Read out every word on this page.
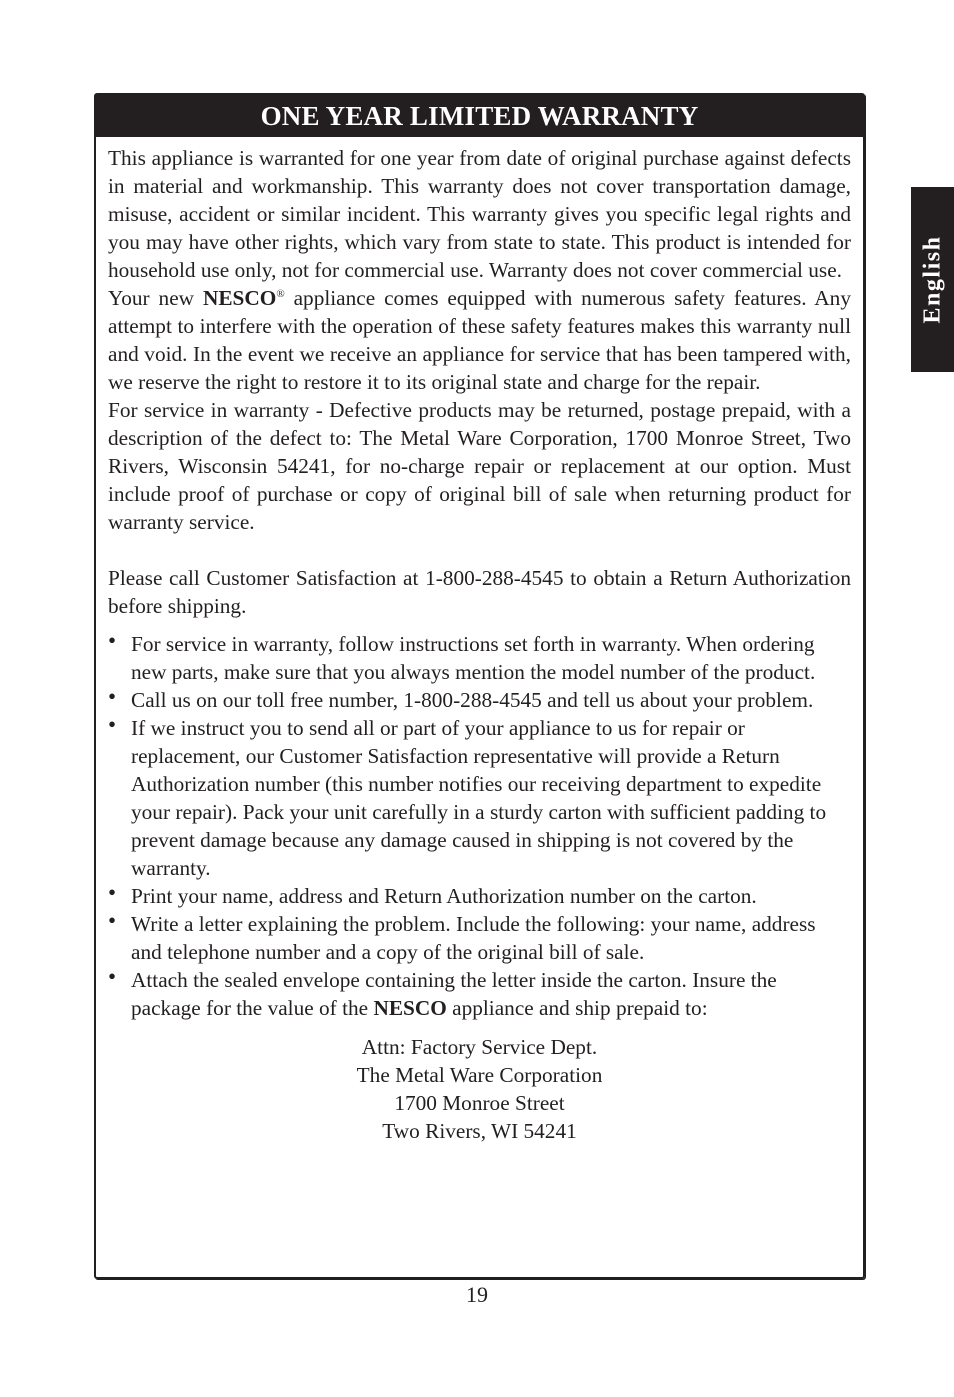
ONE YEAR LIMITED WARRANTY

This appliance is warranted for one year from date of original purchase against defects in material and workmanship. This warranty does not cover transportation damage, misuse, accident or similar incident. This warranty gives you specific legal rights and you may have other rights, which vary from state to state. This product is intended for household use only, not for commercial use. Warranty does not cover commercial use.

Your new NESCO® appliance comes equipped with numerous safety features. Any attempt to interfere with the operation of these safety features makes this warranty null and void. In the event we receive an appliance for service that has been tampered with, we reserve the right to restore it to its original state and charge for the repair.

For service in warranty - Defective products may be returned, postage prepaid, with a description of the defect to: The Metal Ware Corporation, 1700 Monroe Street, Two Rivers, Wisconsin 54241, for no-charge repair or replacement at our option. Must include proof of purchase or copy of original bill of sale when returning product for warranty service.

Please call Customer Satisfaction at 1-800-288-4545 to obtain a Return Authorization before shipping.

• For service in warranty, follow instructions set forth in warranty. When ordering new parts, make sure that you always mention the model number of the product.
• Call us on our toll free number, 1-800-288-4545 and tell us about your problem.
• If we instruct you to send all or part of your appliance to us for repair or replacement, our Customer Satisfaction representative will provide a Return Authorization number (this number notifies our receiving department to expedite your repair). Pack your unit carefully in a sturdy carton with sufficient padding to prevent damage because any damage caused in shipping is not covered by the warranty.
• Print your name, address and Return Authorization number on the carton.
• Write a letter explaining the problem. Include the following: your name, address and telephone number and a copy of the original bill of sale.
• Attach the sealed envelope containing the letter inside the carton. Insure the package for the value of the NESCO appliance and ship prepaid to:
Attn: Factory Service Dept.
The Metal Ware Corporation
1700 Monroe Street
Two Rivers, WI 54241
English
19
